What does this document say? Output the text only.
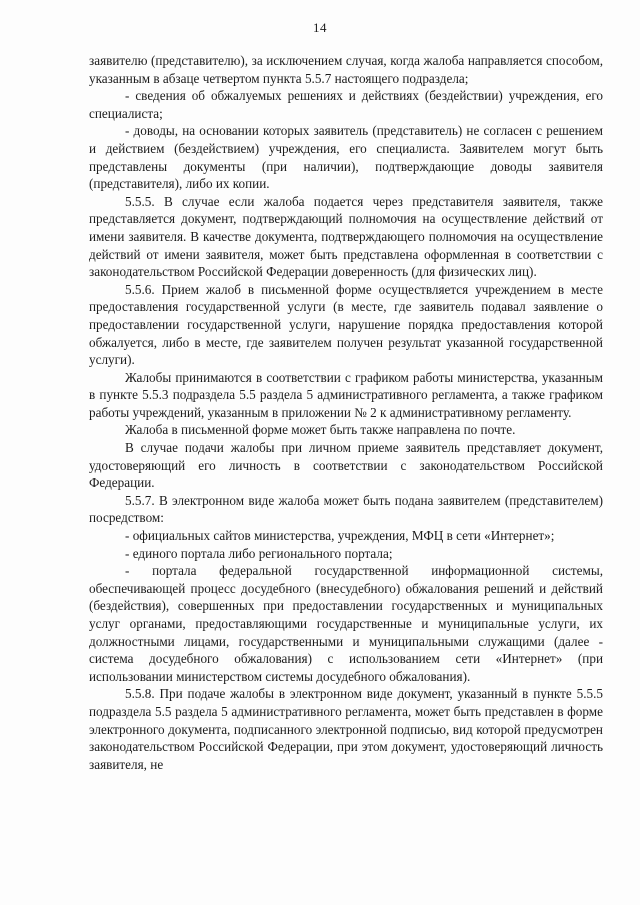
14

заявителю (представителю), за исключением случая, когда жалоба направляется способом, указанным в абзаце четвертом пункта 5.5.7 настоящего подраздела;

- сведения об обжалуемых решениях и действиях (бездействии) учреждения, его специалиста;

- доводы, на основании которых заявитель (представитель) не согласен с решением и действием (бездействием) учреждения, его специалиста. Заявителем могут быть представлены документы (при наличии), подтверждающие доводы заявителя (представителя), либо их копии.

5.5.5. В случае если жалоба подается через представителя заявителя, также представляется документ, подтверждающий полномочия на осуществление действий от имени заявителя. В качестве документа, подтверждающего полномочия на осуществление действий от имени заявителя, может быть представлена оформленная в соответствии с законодательством Российской Федерации доверенность (для физических лиц).

5.5.6. Прием жалоб в письменной форме осуществляется учреждением в месте предоставления государственной услуги (в месте, где заявитель подавал заявление о предоставлении государственной услуги, нарушение порядка предоставления которой обжалуется, либо в месте, где заявителем получен результат указанной государственной услуги).

Жалобы принимаются в соответствии с графиком работы министерства, указанным в пункте 5.5.3 подраздела 5.5 раздела 5 административного регламента, а также графиком работы учреждений, указанным в приложении № 2 к административному регламенту.

Жалоба в письменной форме может быть также направлена по почте.

В случае подачи жалобы при личном приеме заявитель представляет документ, удостоверяющий его личность в соответствии с законодательством Российской Федерации.

5.5.7. В электронном виде жалоба может быть подана заявителем (представителем) посредством:

- официальных сайтов министерства, учреждения, МФЦ в сети «Интернет»;

- единого портала либо регионального портала;

- портала федеральной государственной информационной системы, обеспечивающей процесс досудебного (внесудебного) обжалования решений и действий (бездействия), совершенных при предоставлении государственных и муниципальных услуг органами, предоставляющими государственные и муниципальные услуги, их должностными лицами, государственными и муниципальными служащими (далее - система досудебного обжалования) с использованием сети «Интернет» (при использовании министерством системы досудебного обжалования).

5.5.8. При подаче жалобы в электронном виде документ, указанный в пункте 5.5.5 подраздела 5.5 раздела 5 административного регламента, может быть представлен в форме электронного документа, подписанного электронной подписью, вид которой предусмотрен законодательством Российской Федерации, при этом документ, удостоверяющий личность заявителя, не
